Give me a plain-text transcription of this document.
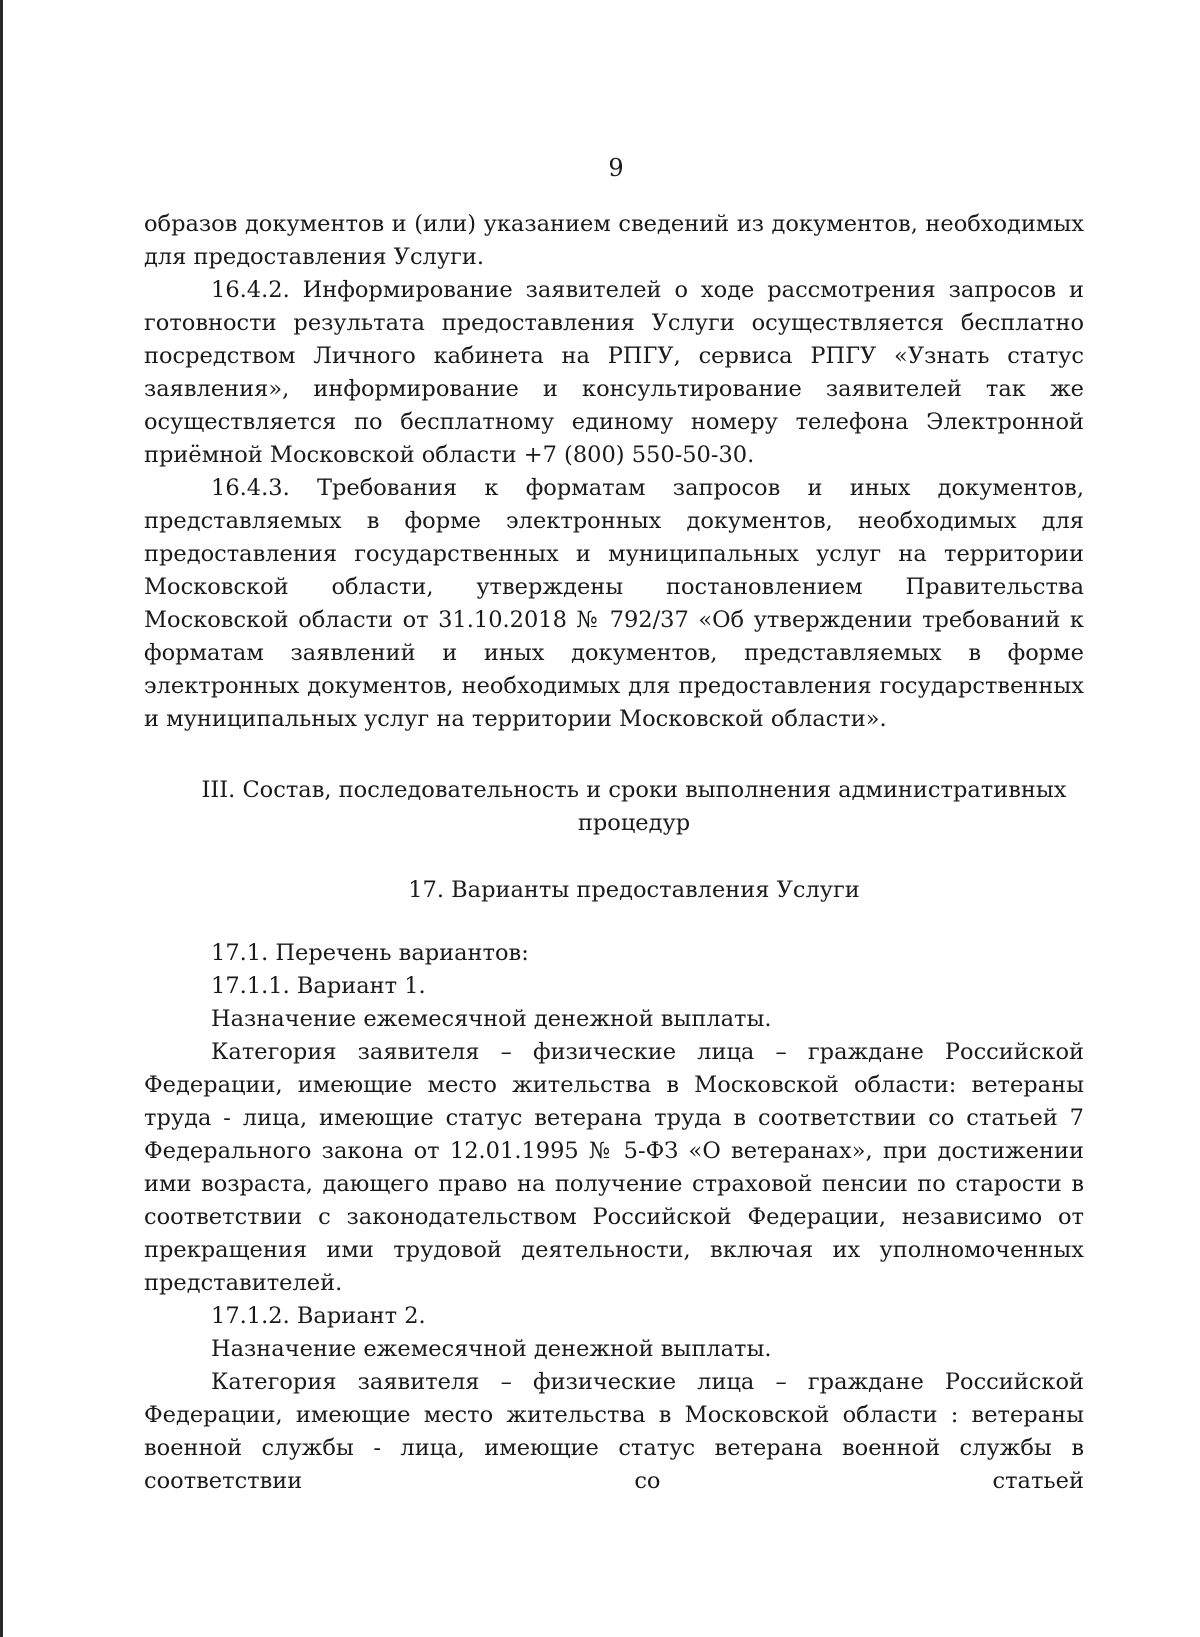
9

образов документов и (или) указанием сведений из документов, необходимых для предоставления Услуги.

16.4.2. Информирование заявителей о ходе рассмотрения запросов и готовности результата предоставления Услуги осуществляется бесплатно посредством Личного кабинета на РПГУ, сервиса РПГУ «Узнать статус заявления», информирование и консультирование заявителей так же осуществляется по бесплатному единому номеру телефона Электронной приёмной Московской области +7 (800) 550-50-30.

16.4.3. Требования к форматам запросов и иных документов, представляемых в форме электронных документов, необходимых для предоставления государственных и муниципальных услуг на территории Московской области, утверждены постановлением Правительства Московской области от 31.10.2018 № 792/37 «Об утверждении требований к форматам заявлений и иных документов, представляемых в форме электронных документов, необходимых для предоставления государственных и муниципальных услуг на территории Московской области».

III. Состав, последовательность и сроки выполнения административных

процедур

17. Варианты предоставления Услуги

17.1. Перечень вариантов:

17.1.1. Вариант 1.

Назначение ежемесячной денежной выплаты.

Категория заявителя – физические лица – граждане Российской Федерации, имеющие место жительства в Московской области: ветераны труда - лица, имеющие статус ветерана труда в соответствии со статьей 7 Федерального закона от 12.01.1995 № 5-ФЗ «О ветеранах», при достижении ими возраста, дающего право на получение страховой пенсии по старости в соответствии с законодательством Российской Федерации, независимо от прекращения ими трудовой деятельности, включая их уполномоченных представителей.

17.1.2. Вариант 2.

Назначение ежемесячной денежной выплаты.

Категория заявителя – физические лица – граждане Российской Федерации, имеющие место жительства в Московской области : ветераны военной службы - лица, имеющие статус ветерана военной службы в соответствии со статьей
